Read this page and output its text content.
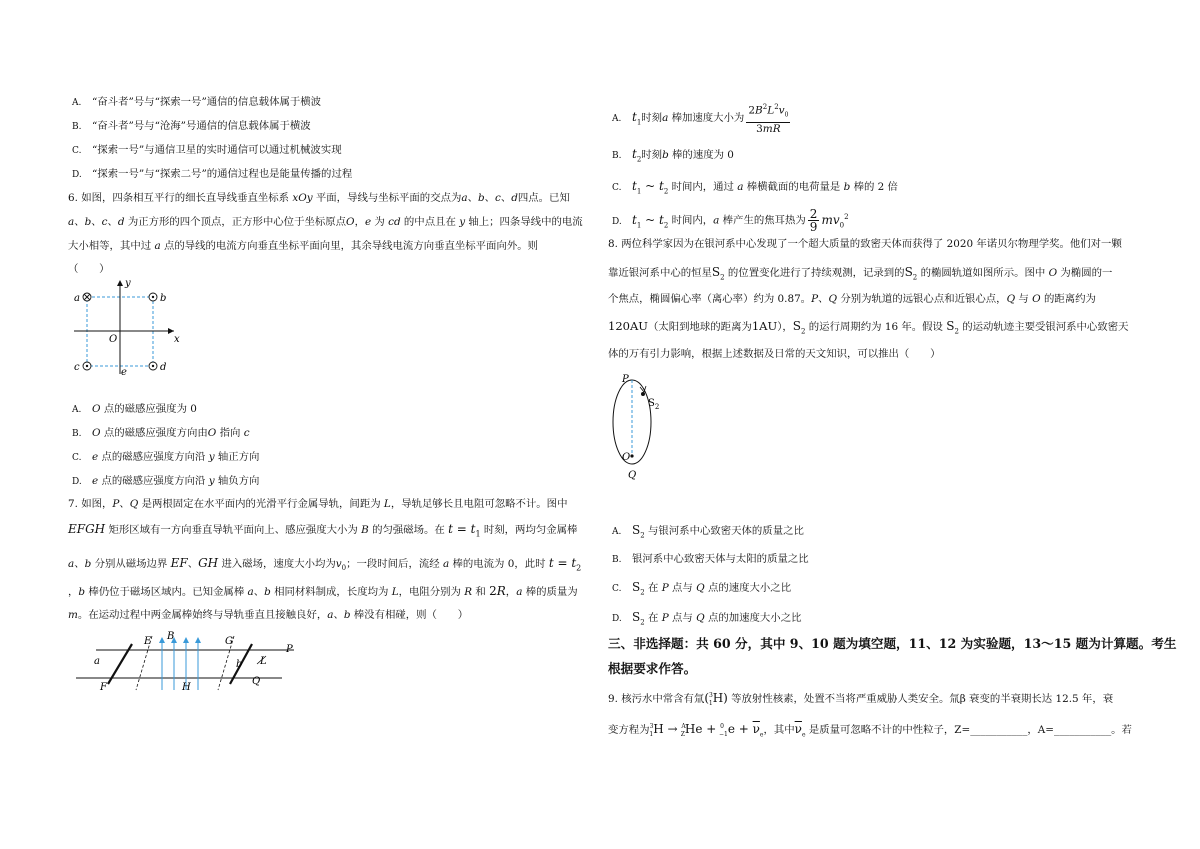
A. “奋斗者”号与“探索一号”通信的信息载体属于横波
B. “奋斗者”号与“沧海”号通信的信息载体属于横波
C. “探索一号”与通信卫星的实时通信可以通过机械波实现
D. “探索一号”与“探索二号”的通信过程也是能量传播的过程
6. 如图，四条相互平行的细长直导线垂直坐标系 xOy 平面，导线与坐标平面的交点为a、b、c、d四点。已知
a、b、c、d 为正方形的四个顶点，正方形中心位于坐标原点O，e 为 cd 的中点且在 y 轴上；四条导线中的电流
大小相等，其中过 a 点的导线的电流方向垂直坐标平面向里，其余导线电流方向垂直坐标平面向外。则
（　　）
a	b
c	d
e
O	x
y
A. O 点的磁感应强度为 0
B. O 点的磁感应强度方向由O 指向 c
C. e 点的磁感应强度方向沿 y 轴正方向
D. e 点的磁感应强度方向沿 y 轴负方向
7. 如图，P、Q 是两根固定在水平面内的光滑平行金属导轨，间距为 L，导轨足够长且电阻可忽略不计。图中
EFGH 矩形区域有一方向垂直导轨平面向上、感应强度大小为 B 的匀强磁场。在 $t = t_1$ 时刻，两均匀金属棒
a、b 分别从磁场边界 EF、GH 进入磁场，速度大小均为$v_0$；一段时间后，流经 a 棒的电流为 0，此时 $t = t_2$
，b 棒仍位于磁场区域内。已知金属棒 a、b 相同材料制成，长度均为 L，电阻分别为 R 和 2R，a 棒的质量为
m。在运动过程中两金属棒始终与导轨垂直且接触良好，a、b 棒没有相碰，则（　　）
a	b
E
F
G
H
B
L
P
Q
A. $t_1$时刻a 棒加速度大小为 $\frac{2B^2L^2v_0}{3mR}$
B. $t_2$时刻b 棒的速度为 0
C. $t_1$ ~ $t_2$ 时间内，通过 a 棒横截面的电荷量是 b 棒的 2 倍
D. $t_1$ ~ $t_2$ 时间内，a 棒产生的焦耳热为 $\frac{2}{9} mv_0^2$
8. 两位科学家因为在银河系中心发现了一个超大质量的致密天体而获得了 2020 年诺贝尔物理学奖。他们对一颗
靠近银河系中心的恒星$S_2$ 的位置变化进行了持续观测，记录到的$S_2$ 的椭圆轨道如图所示。图中 O 为椭圆的一
个焦点，椭圆偏心率（离心率）约为 0.87。P、Q 分别为轨道的远银心点和近银心点，Q 与 O 的距离约为
120AU（太阳到地球的距离为1AU），$S_2$ 的运行周期约为 16 年。假设 $S_2$ 的运动轨迹主要受银河系中心致密天
体的万有引力影响，根据上述数据及日常的天文知识，可以推出（　　）
P
Q
O
$S_2$
A. $S_2$ 与银河系中心致密天体的质量之比
B. 银河系中心致密天体与太阳的质量之比
C. $S_2$ 在 P 点与 Q 点的速度大小之比
D. $S_2$ 在 P 点与 Q 点的加速度大小之比
三、非选择题：共 60 分，其中 9、10 题为填空题，11、12 为实验题，13～15 题为计算题。考生
根据要求作答。
9. 核污水中常含有氚($^3_1$H) 等放射性核素，处置不当将严重威胁人类安全。氚β 衰变的半衰期长达 12.5 年，衰
变方程为$^3_1H \to ^A_ZHe + ^0_{-1}e + \overline{\nu}_e$，其中$\overline{\nu}_e$ 是质量可忽略不计的中性粒子，Z=___________，A=___________。若
